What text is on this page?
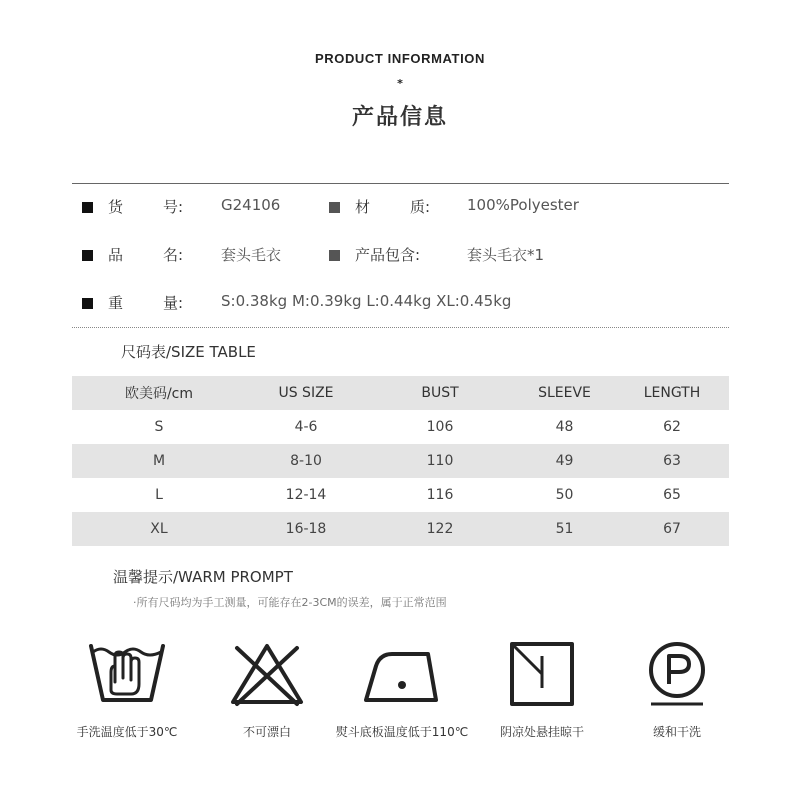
PRODUCT INFORMATION
*
产品信息
货	号:	G24106	材	质: 100%Polyester
品	名:	套头毛衣	产品包含:	套头毛衣*1
重	量:	S:0.38kg M:0.39kg L:0.44kg XL:0.45kg
尺码表/SIZE TABLE
欧美码/cm	US SIZE	BUST	SLEEVE	LENGTH
S	4-6	106	48	62
M	8-10	110	49	63
L	12-14	116	50	65
XL	16-18	122	51	67
温馨提示/WARM PROMPT
·所有尺码均为手工测量，可能存在2-3CM的误差，属于正常范围
手洗温度低于30℃	不可漂白	熨斗底板温度低于110℃	阴凉处悬挂晾干	缓和干洗
